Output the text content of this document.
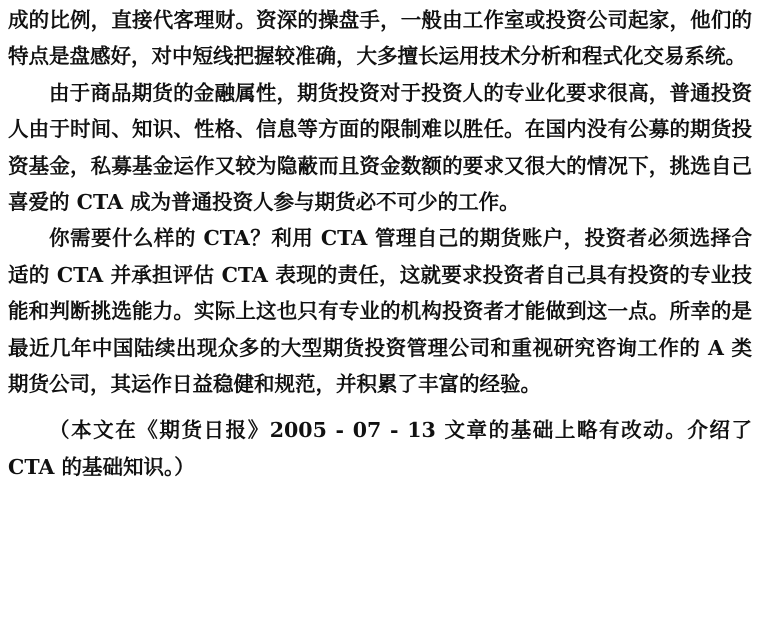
成的比例，直接代客理财。资深的操盘手，一般由工作室或投资公司起家，他们的特点是盘感好，对中短线把握较准确，大多擅长运用技术分析和程式化交易系统。

由于商品期货的金融属性，期货投资对于投资人的专业化要求很高，普通投资人由于时间、知识、性格、信息等方面的限制难以胜任。在国内没有公募的期货投资基金，私募基金运作又较为隐蔽而且资金数额的要求又很大的情况下，挑选自己喜爱的 CTA 成为普通投资人参与期货必不可少的工作。

你需要什么样的 CTA？利用 CTA 管理自己的期货账户，投资者必须选择合适的 CTA 并承担评估 CTA 表现的责任，这就要求投资者自己具有投资的专业技能和判断挑选能力。实际上这也只有专业的机构投资者才能做到这一点。所幸的是最近几年中国陆续出现众多的大型期货投资管理公司和重视研究咨询工作的 A 类期货公司，其运作日益稳健和规范，并积累了丰富的经验。

（本文在《期货日报》2005 - 07 - 13 文章的基础上略有改动。介绍了 CTA 的基础知识。）
